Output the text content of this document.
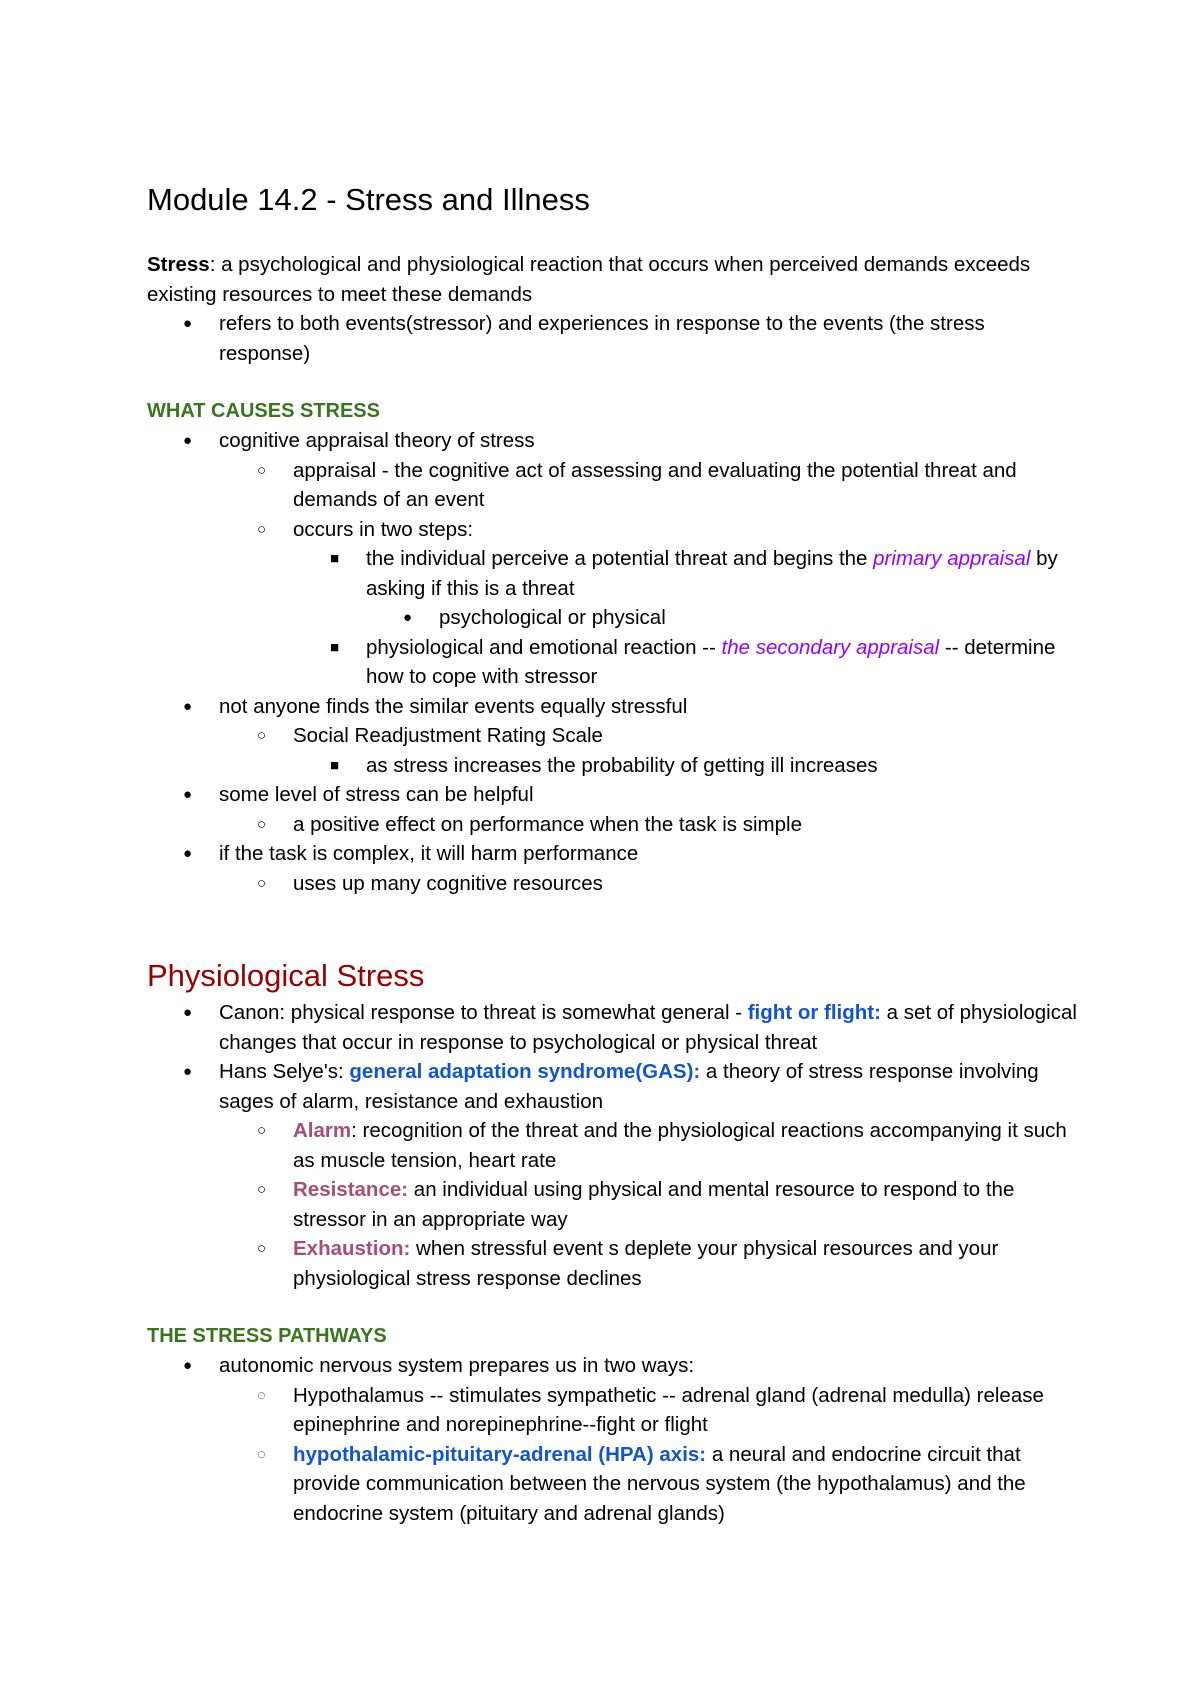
Module 14.2 - Stress and Illness

Stress: a psychological and physiological reaction that occurs when perceived demands exceeds existing resources to meet these demands

● refers to both events(stressor) and experiences in response to the events (the stress response)
WHAT CAUSES STRESS
● cognitive appraisal theory of stress
○ appraisal - the cognitive act of assessing and evaluating the potential threat and demands of an event
○ occurs in two steps:
■ the individual perceive a potential threat and begins the primary appraisal by asking if this is a threat
● psychological or physical
■ physiological and emotional reaction -- the secondary appraisal -- determine how to cope with stressor
● not anyone finds the similar events equally stressful
○ Social Readjustment Rating Scale
■ as stress increases the probability of getting ill increases
● some level of stress can be helpful
○ a positive effect on performance when the task is simple
● if the task is complex, it will harm performance
○ uses up many cognitive resources
Physiological Stress
● Canon: physical response to threat is somewhat general - fight or flight: a set of physiological changes that occur in response to psychological or physical threat
● Hans Selye's: general adaptation syndrome(GAS): a theory of stress response involving sages of alarm, resistance and exhaustion
○ Alarm: recognition of the threat and the physiological reactions accompanying it such as muscle tension, heart rate
○ Resistance: an individual using physical and mental resource to respond to the stressor in an appropriate way
○ Exhaustion: when stressful event s deplete your physical resources and your physiological stress response declines
THE STRESS PATHWAYS
● autonomic nervous system prepares us in two ways:
◌ Hypothalamus -- stimulates sympathetic -- adrenal gland (adrenal medulla) release epinephrine and norepinephrine--fight or flight
◌ hypothalamic-pituitary-adrenal (HPA) axis: a neural and endocrine circuit that provide communication between the nervous system (the hypothalamus) and the endocrine system (pituitary and adrenal glands)
